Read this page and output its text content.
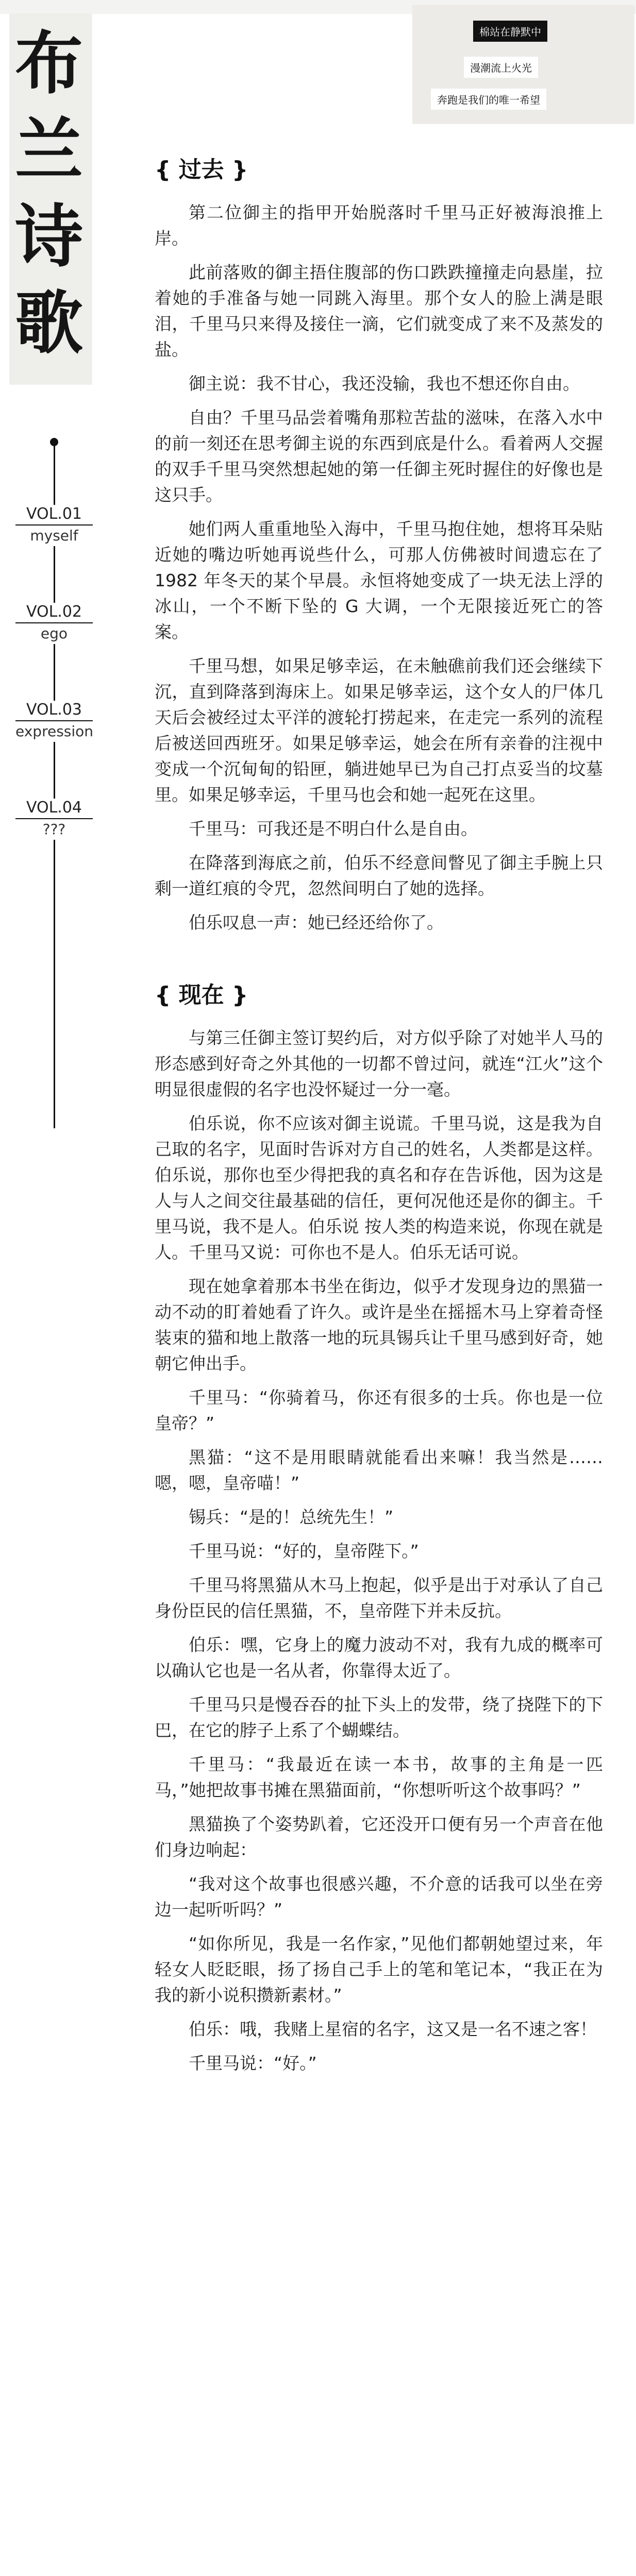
布
兰
诗
歌
棉站在静默中
漫潮流上火光
奔跑是我们的唯一希望
VOL.01
myself
VOL.02
ego
VOL.03
expression
VOL.04
???
{ 过去 }

第二位御主的指甲开始脱落时千里马正好被海浪推上岸。

此前落败的御主捂住腹部的伤口跌跌撞撞走向悬崖，拉着她的手准备与她一同跳入海里。那个女人的脸上满是眼泪，千里马只来得及接住一滴，它们就变成了来不及蒸发的盐。

御主说：我不甘心，我还没输，我也不想还你自由。

自由？千里马品尝着嘴角那粒苦盐的滋味，在落入水中的前一刻还在思考御主说的东西到底是什么。看着两人交握的双手千里马突然想起她的第一任御主死时握住的好像也是这只手。

她们两人重重地坠入海中，千里马抱住她，想将耳朵贴近她的嘴边听她再说些什么，可那人仿佛被时间遗忘在了 1982 年冬天的某个早晨。永恒将她变成了一块无法上浮的冰山，一个不断下坠的 G 大调，一个无限接近死亡的答案。

千里马想，如果足够幸运，在未触礁前我们还会继续下沉，直到降落到海床上。如果足够幸运，这个女人的尸体几天后会被经过太平洋的渡轮打捞起来，在走完一系列的流程后被送回西班牙。如果足够幸运，她会在所有亲眷的注视中变成一个沉甸甸的铅匣，躺进她早已为自己打点妥当的坟墓里。如果足够幸运，千里马也会和她一起死在这里。

千里马：可我还是不明白什么是自由。

在降落到海底之前，伯乐不经意间瞥见了御主手腕上只剩一道红痕的令咒，忽然间明白了她的选择。

伯乐叹息一声：她已经还给你了。

{ 现在 }

与第三任御主签订契约后，对方似乎除了对她半人马的形态感到好奇之外其他的一切都不曾过问，就连“江火”这个明显很虚假的名字也没怀疑过一分一毫。

伯乐说，你不应该对御主说谎。千里马说，这是我为自己取的名字，见面时告诉对方自己的姓名，人类都是这样。伯乐说，那你也至少得把我的真名和存在告诉他，因为这是人与人之间交往最基础的信任，更何况他还是你的御主。千里马说，我不是人。伯乐说 按人类的构造来说，你现在就是人。千里马又说：可你也不是人。伯乐无话可说。

现在她拿着那本书坐在街边，似乎才发现身边的黑猫一动不动的盯着她看了许久。或许是坐在摇摇木马上穿着奇怪装束的猫和地上散落一地的玩具锡兵让千里马感到好奇，她朝它伸出手。

千里马：“你骑着马，你还有很多的士兵。你也是一位皇帝？”

黑猫：“这不是用眼睛就能看出来嘛！我当然是……嗯，嗯，皇帝喵！”

锡兵：“是的！总统先生！”

千里马说：“好的，皇帝陛下。”

千里马将黑猫从木马上抱起，似乎是出于对承认了自己身份臣民的信任黑猫，不，皇帝陛下并未反抗。

伯乐：嘿，它身上的魔力波动不对，我有九成的概率可以确认它也是一名从者，你靠得太近了。

千里马只是慢吞吞的扯下头上的发带，绕了挠陛下的下巴，在它的脖子上系了个蝴蝶结。

千里马：“我最近在读一本书，故事的主角是一匹马，”她把故事书摊在黑猫面前，“你想听听这个故事吗？”

黑猫换了个姿势趴着，它还没开口便有另一个声音在他们身边响起：

“我对这个故事也很感兴趣，不介意的话我可以坐在旁边一起听听吗？”

“如你所见，我是一名作家，”见他们都朝她望过来，年轻女人眨眨眼，扬了扬自己手上的笔和笔记本，“我正在为我的新小说积攒新素材。”

伯乐：哦，我赌上星宿的名字，这又是一名不速之客！

千里马说：“好。”
